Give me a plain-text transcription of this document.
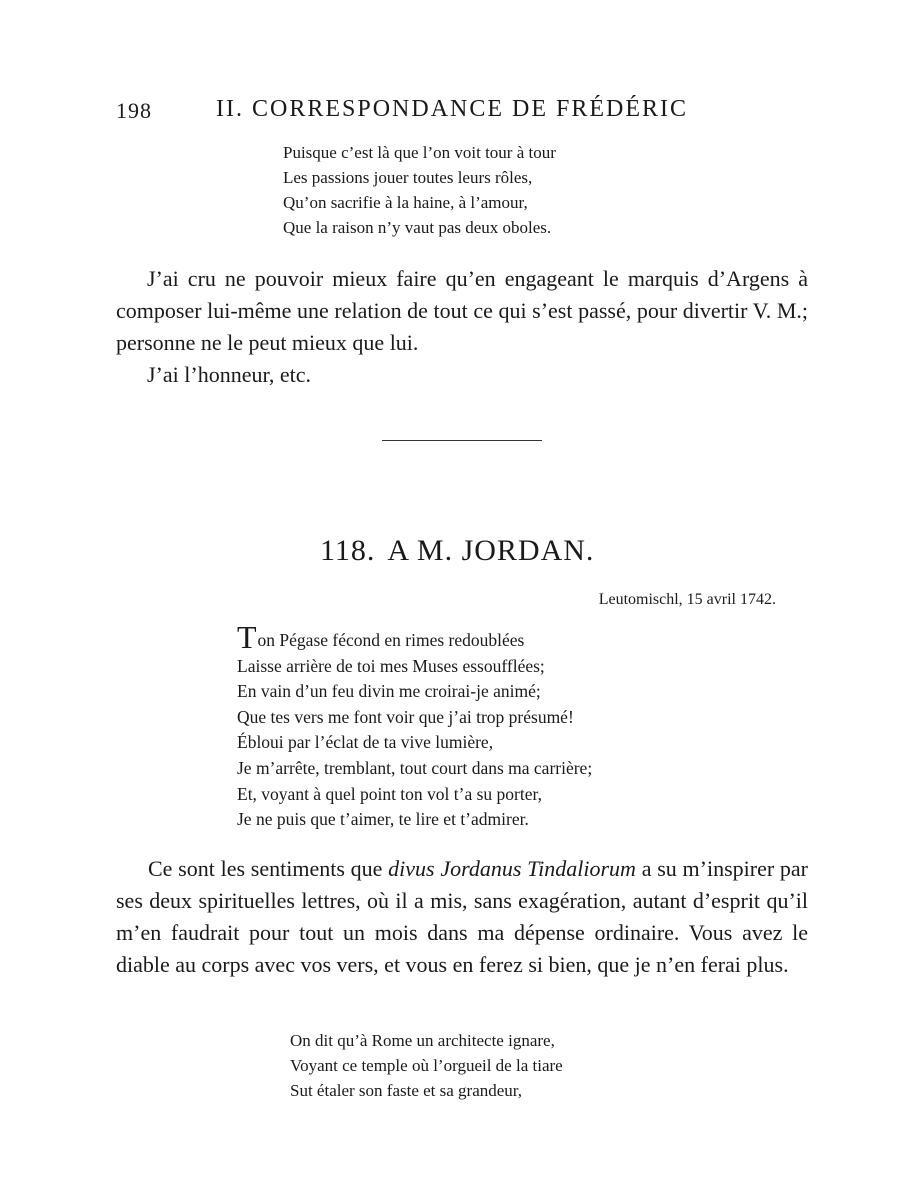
198	II. CORRESPONDANCE DE FRÉDÉRIC
Puisque c’est là que l’on voit tour à tour
Les passions jouer toutes leurs rôles,
Qu’on sacrifie à la haine, à l’amour,
Que la raison n’y vaut pas deux oboles.

J’ai cru ne pouvoir mieux faire qu’en engageant le marquis d’Argens à composer lui-même une relation de tout ce qui s’est passé, pour divertir V. M.; personne ne le peut mieux que lui.

J’ai l’honneur, etc.

118. A M. JORDAN.
Leutomischl, 15 avril 1742.
Ton Pégase fécond en rimes redoublées
Laisse arrière de toi mes Muses essoufflées;
En vain d’un feu divin me croirai-je animé;
Que tes vers me font voir que j’ai trop présumé!
Ébloui par l’éclat de ta vive lumière,
Je m’arrête, tremblant, tout court dans ma carrière;
Et, voyant à quel point ton vol t’a su porter,
Je ne puis que t’aimer, te lire et t’admirer.

Ce sont les sentiments que divus Jordanus Tindaliorum a su m’inspirer par ses deux spirituelles lettres, où il a mis, sans exagération, autant d’esprit qu’il m’en faudrait pour tout un mois dans ma dépense ordinaire. Vous avez le diable au corps avec vos vers, et vous en ferez si bien, que je n’en ferai plus.

On dit qu’à Rome un architecte ignare,
Voyant ce temple où l’orgueil de la tiare
Sut étaler son faste et sa grandeur,
